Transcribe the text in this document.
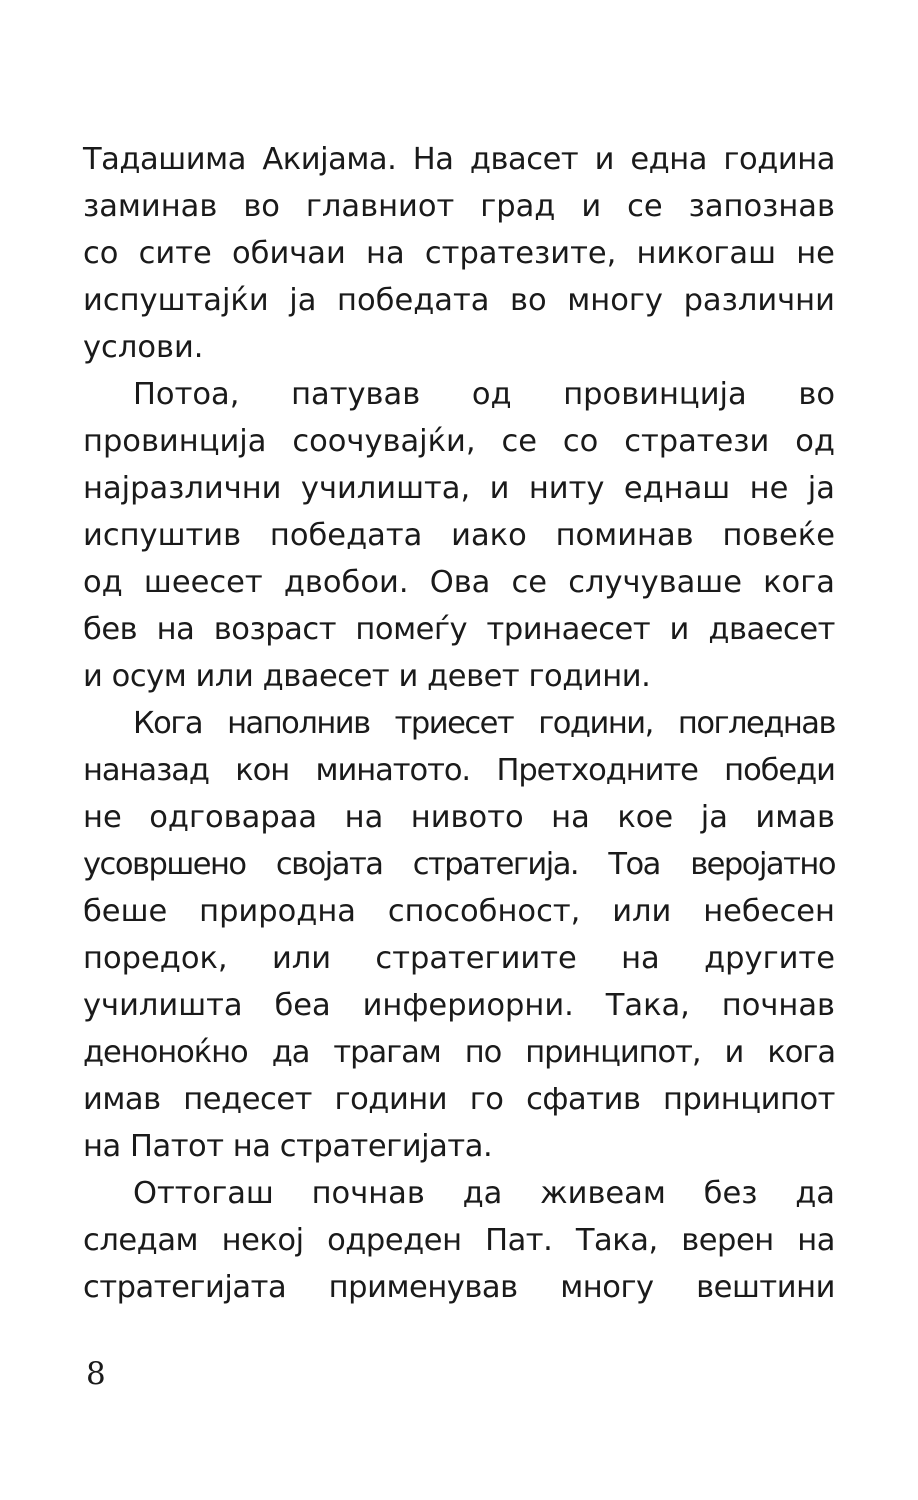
Тадашима Акијама. На двасет и една година
заминав во главниот град и се запознав
со сите обичаи на стратезите, никогаш не
испуштајќи ја победата во многу различни
услови.
Потоа, патував од провинција во
провинција соочувајќи, се со стратези од
најразлични училишта, и ниту еднаш не ја
испуштив победата иако поминав повеќе
од шеесет двобои. Ова се случуваше кога
бев на возраст помеѓу тринаесет и дваесет
и осум или дваесет и девет години.
Кога наполнив триесет години, погледнав
наназад кон минатото. Претходните победи
не одговараа на нивото на кое ја имав
усовршено својата стратегија. Тоа веројатно
беше природна способност, или небесен
поредок, или стратегиите на другите
училишта беа инфериорни. Така, почнав
деноноќно да трагам по принципот, и кога
имав педесет години го сфатив принципот
на Патот на стратегијата.
Оттогаш почнав да живеам без да
следам некој одреден Пат. Така, верен на
стратегијата применував многу вештини
8
